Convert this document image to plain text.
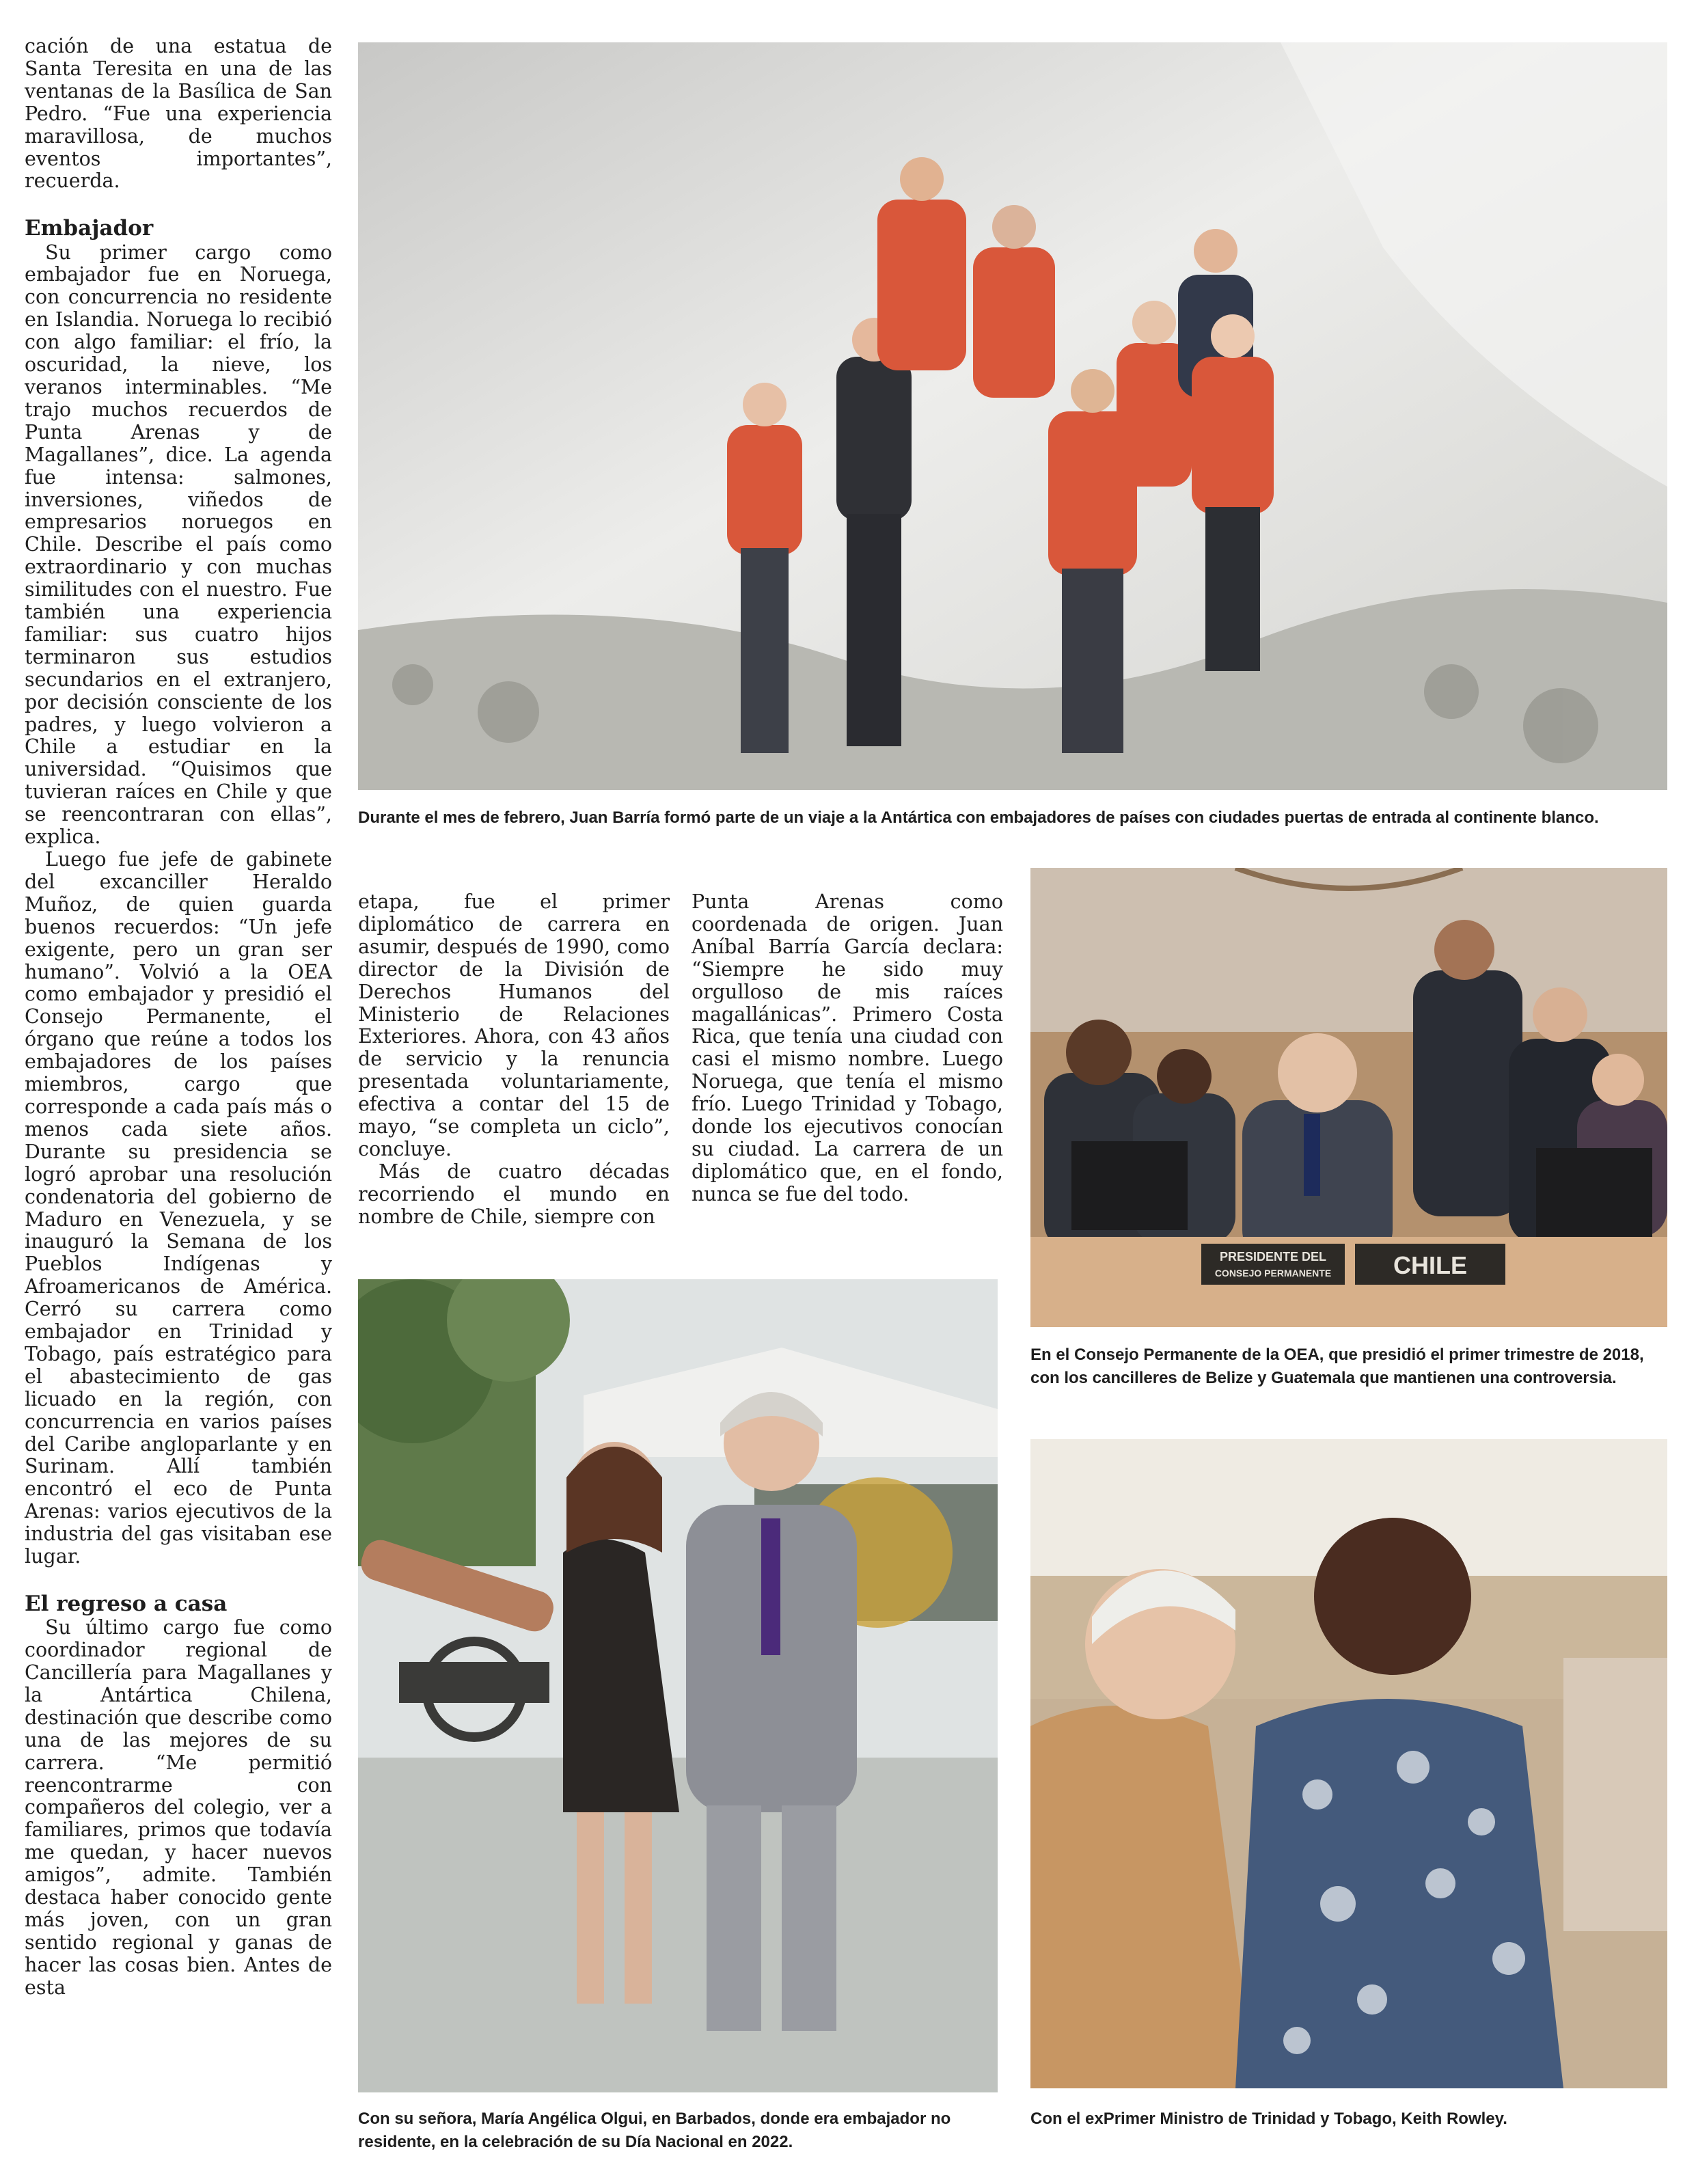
cación de una estatua de Santa Teresita en una de las ventanas de la Basílica de San Pedro. “Fue una experiencia maravillosa, de muchos eventos importantes”, recuerda.

Embajador

Su primer cargo como embajador fue en Noruega, con concurrencia no residente en Islandia. Noruega lo recibió con algo familiar: el frío, la oscuridad, la nieve, los veranos interminables. “Me trajo muchos recuerdos de Punta Arenas y de Magallanes”, dice. La agenda fue intensa: salmones, inversiones, viñedos de empresarios noruegos en Chile. Describe el país como extraordinario y con muchas similitudes con el nuestro. Fue también una experiencia familiar: sus cuatro hijos terminaron sus estudios secundarios en el extranjero, por decisión consciente de los padres, y luego volvieron a Chile a estudiar en la universidad. “Quisimos que tuvieran raíces en Chile y que se reencontraran con ellas”, explica.

Luego fue jefe de gabinete del excanciller Heraldo Muñoz, de quien guarda buenos recuerdos: “Un jefe exigente, pero un gran ser humano”. Volvió a la OEA como embajador y presidió el Consejo Permanente, el órgano que reúne a todos los embajadores de los países miembros, cargo que corresponde a cada país más o menos cada siete años. Durante su presidencia se logró aprobar una resolución condenatoria del gobierno de Maduro en Venezuela, y se inauguró la Semana de los Pueblos Indígenas y Afroamericanos de América. Cerró su carrera como embajador en Trinidad y Tobago, país estratégico para el abastecimiento de gas licuado en la región, con concurrencia en varios países del Caribe angloparlante y en Surinam. Allí también encontró el eco de Punta Arenas: varios ejecutivos de la industria del gas visitaban ese lugar.

El regreso a casa

Su último cargo fue como coordinador regional de Cancillería para Magallanes y la Antártica Chilena, destinación que describe como una de las mejores de su carrera. “Me permitió reencontrarme con compañeros del colegio, ver a familiares, primos que todavía me quedan, y hacer nuevos amigos”, admite. También destaca haber conocido gente más joven, con un gran sentido regional y ganas de hacer las cosas bien. Antes de esta

etapa, fue el primer diplomático de carrera en asumir, después de 1990, como director de la División de Derechos Humanos del Ministerio de Relaciones Exteriores. Ahora, con 43 años de servicio y la renuncia presentada voluntariamente, efectiva a contar del 15 de mayo, “se completa un ciclo”, concluye.

Más de cuatro décadas recorriendo el mundo en nombre de Chile, siempre con

Punta Arenas como coordenada de origen. Juan Aníbal Barría García declara: “Siempre he sido muy orgulloso de mis raíces magallánicas”. Primero Costa Rica, que tenía una ciudad con casi el mismo nombre. Luego Noruega, que tenía el mismo frío. Luego Trinidad y Tobago, donde los ejecutivos conocían su ciudad. La carrera de un diplomático que, en el fondo, nunca se fue del todo.

Durante el mes de febrero, Juan Barría formó parte de un viaje a la Antártica con embajadores de países con ciudades puertas de entrada al continente blanco.
PRESIDENTE DEL
CONSEJO PERMANENTE	CHILE
En el Consejo Permanente de la OEA, que presidió el primer trimestre de 2018, con los cancilleres de Belize y Guatemala que mantienen una controversia.
Con su señora, María Angélica Olgui, en Barbados, donde era embajador no residente, en la celebración de su Día Nacional en 2022.
Con el exPrimer Ministro de Trinidad y Tobago, Keith Rowley.
